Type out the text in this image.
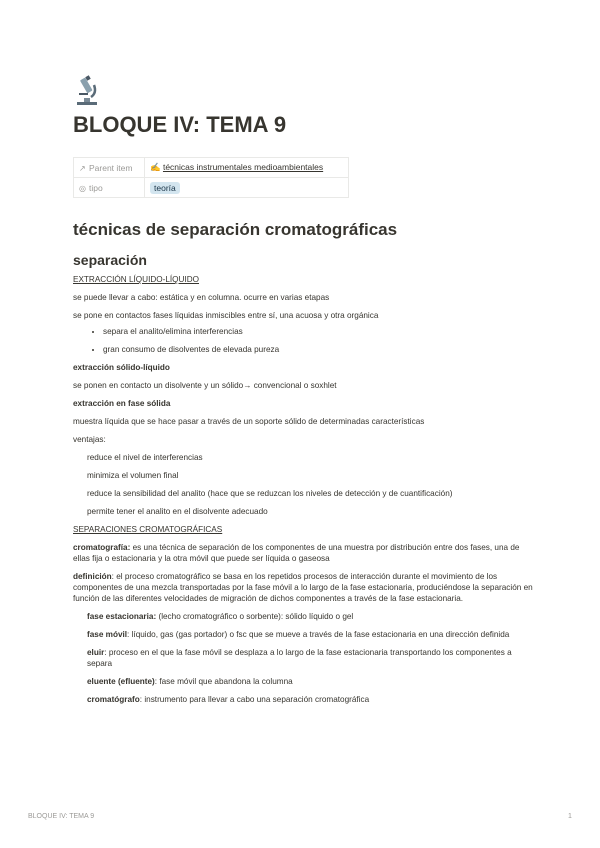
BLOQUE IV: TEMA 9
↗ Parent item	✍ técnicas instrumentales medioambientales
◎ tipo	teoría
técnicas de separación cromatográficas
separación

EXTRACCIÓN LÍQUIDO-LÍQUIDO

se puede llevar a cabo: estática y en columna. ocurre en varias etapas

se pone en contactos fases líquidas inmiscibles entre sí, una acuosa y otra orgánica

• separa el analito/elimina interferencias
• gran consumo de disolventes de elevada pureza

extracción sólido-líquido

se ponen en contacto un disolvente y un sólido→ convencional o soxhlet

extracción en fase sólida

muestra líquida que se hace pasar a través de un soporte sólido de determinadas características

ventajas:

reduce el nivel de interferencias

minimiza el volumen final

reduce la sensibilidad del analito (hace que se reduzcan los niveles de detección y de cuantificación)

permite tener el analito en el disolvente adecuado

SEPARACIONES CROMATOGRÁFICAS

cromatografía: es una técnica de separación de los componentes de una muestra por distribución entre dos fases, una de ellas fija o estacionaria y la otra móvil que puede ser líquida o gaseosa

definición: el proceso cromatográfico se basa en los repetidos procesos de interacción durante el movimiento de los componentes de una mezcla transportadas por la fase móvil a lo largo de la fase estacionaria, produciéndose la separación en función de las diferentes velocidades de migración de dichos componentes a través de la fase estacionaria.

fase estacionaria: (lecho cromatográfico o sorbente): sólido líquido o gel

fase móvil: líquido, gas (gas portador) o fsc que se mueve a través de la fase estacionaria en una dirección definida

eluir: proceso en el que la fase móvil se desplaza a lo largo de la fase estacionaria transportando los componentes a separa

eluente (efluente): fase móvil que abandona la columna

cromatógrafo: instrumento para llevar a cabo una separación cromatográfica

BLOQUE IV: TEMA 9	1
